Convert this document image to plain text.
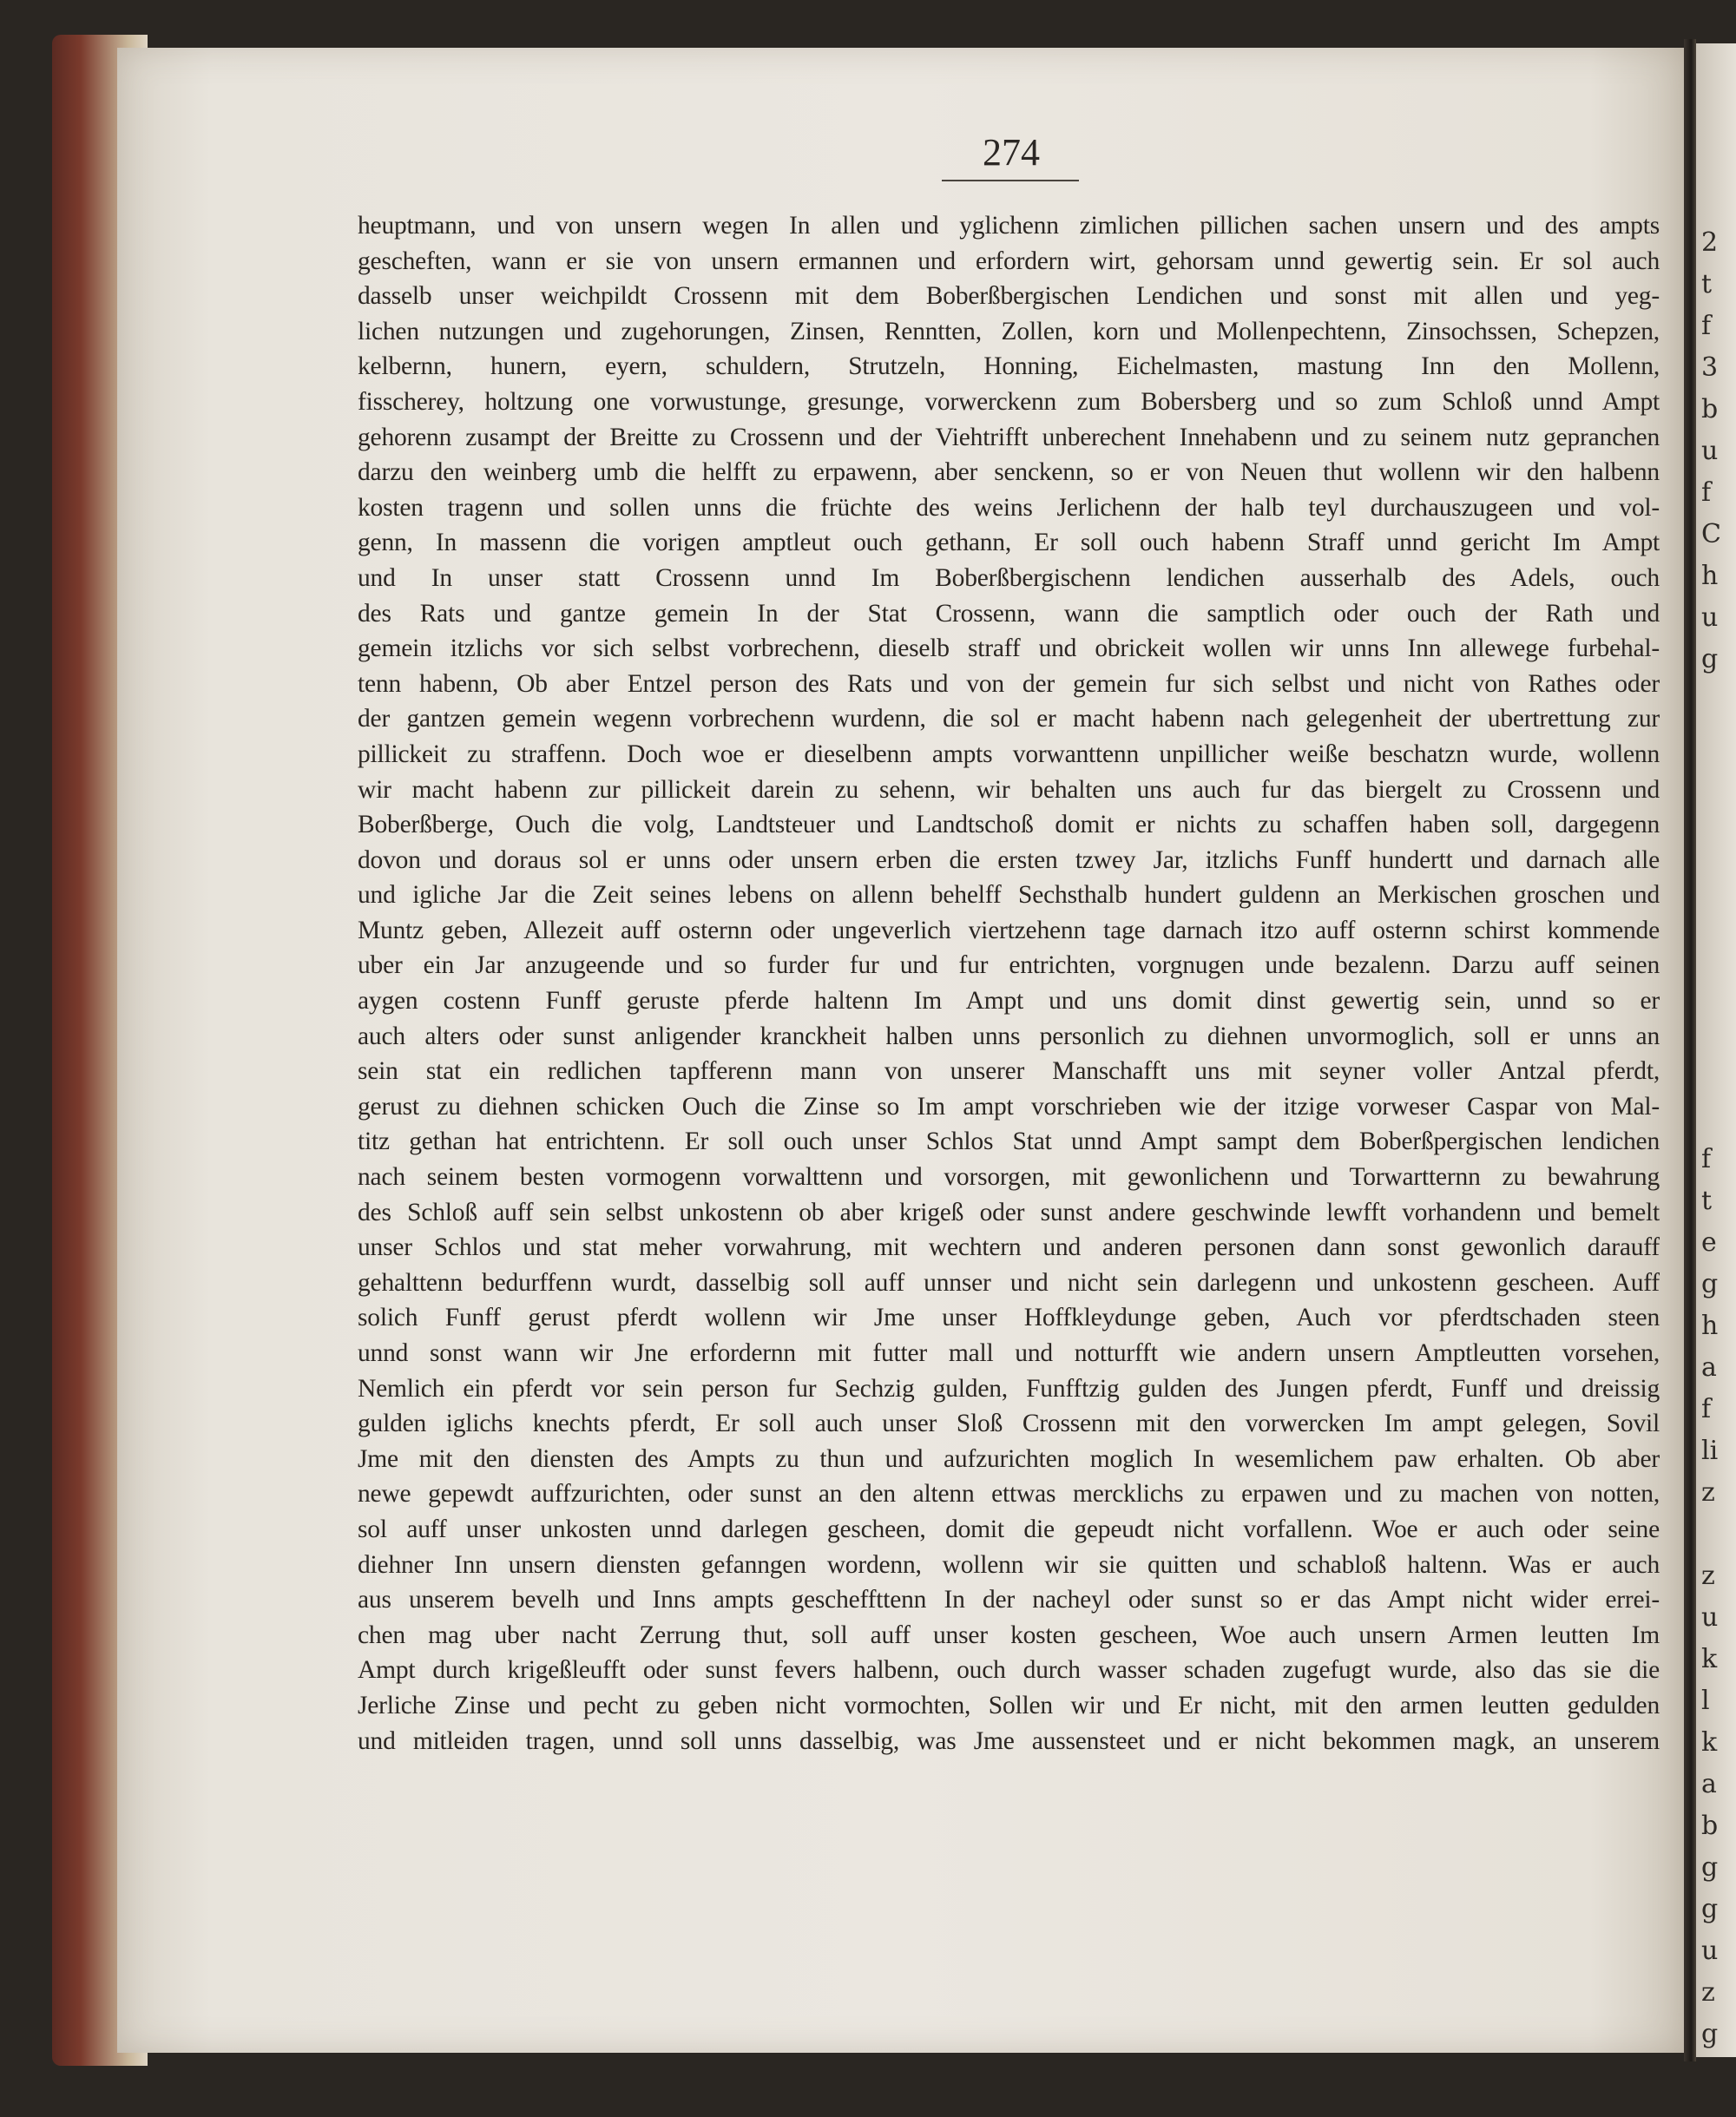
2
t
f
3
b
u
f
C
h
u
g
f
t
e
g
h
a
f
li
z
z
u
k
l
k
a
b
g
g
u
z
g
274
heuptmann, und von unsern wegen In allen und yglichenn zimlichen pillichen sachen unsern und des ampts
gescheften, wann er sie von unsern ermannen und erfordern wirt, gehorsam unnd gewertig sein. Er sol auch
dasselb unser weichpildt Crossenn mit dem Boberßbergischen Lendichen und sonst mit allen und yeg-
lichen nutzungen und zugehorungen, Zinsen, Renntten, Zollen, korn und Mollenpechtenn, Zinsochssen, Schepzen,
kelbernn, hunern, eyern, schuldern, Strutzeln, Honning, Eichelmasten, mastung Inn den Mollenn,
fisscherey, holtzung one vorwustunge, gresunge, vorwerckenn zum Bobersberg und so zum Schloß unnd Ampt
gehorenn zusampt der Breitte zu Crossenn und der Viehtrifft unberechent Innehabenn und zu seinem nutz gepranchen
darzu den weinberg umb die helfft zu erpawenn, aber senckenn, so er von Neuen thut wollenn wir den halbenn
kosten tragenn und sollen unns die früchte des weins Jerlichenn der halb teyl durchauszugeen und vol-
genn, In massenn die vorigen amptleut ouch gethann, Er soll ouch habenn Straff unnd gericht Im Ampt
und In unser statt Crossenn unnd Im Boberßbergischenn lendichen ausserhalb des Adels, ouch
des Rats und gantze gemein In der Stat Crossenn, wann die samptlich oder ouch der Rath und
gemein itzlichs vor sich selbst vorbrechenn, dieselb straff und obrickeit wollen wir unns Inn allewege furbehal-
tenn habenn, Ob aber Entzel person des Rats und von der gemein fur sich selbst und nicht von Rathes oder
der gantzen gemein wegenn vorbrechenn wurdenn, die sol er macht habenn nach gelegenheit der ubertrettung zur
pillickeit zu straffenn. Doch woe er dieselbenn ampts vorwanttenn unpillicher weiße beschatzn wurde, wollenn
wir macht habenn zur pillickeit darein zu sehenn, wir behalten uns auch fur das biergelt zu Crossenn und
Boberßberge, Ouch die volg, Landtsteuer und Landtschoß domit er nichts zu schaffen haben soll, dargegenn
dovon und doraus sol er unns oder unsern erben die ersten tzwey Jar, itzlichs Funff hundertt und darnach alle
und igliche Jar die Zeit seines lebens on allenn behelff Sechsthalb hundert guldenn an Merkischen groschen und
Muntz geben, Allezeit auff osternn oder ungeverlich viertzehenn tage darnach itzo auff osternn schirst kommende
uber ein Jar anzugeende und so furder fur und fur entrichten, vorgnugen unde bezalenn. Darzu auff seinen
aygen costenn Funff geruste pferde haltenn Im Ampt und uns domit dinst gewertig sein, unnd so er
auch alters oder sunst anligender kranckheit halben unns personlich zu diehnen unvormoglich, soll er unns an
sein stat ein redlichen tapfferenn mann von unserer Manschafft uns mit seyner voller Antzal pferdt,
gerust zu diehnen schicken Ouch die Zinse so Im ampt vorschrieben wie der itzige vorweser Caspar von Mal-
titz gethan hat entrichtenn. Er soll ouch unser Schlos Stat unnd Ampt sampt dem Boberßpergischen lendichen
nach seinem besten vormogenn vorwalttenn und vorsorgen, mit gewonlichenn und Torwartternn zu bewahrung
des Schloß auff sein selbst unkostenn ob aber krigeß oder sunst andere geschwinde lewfft vorhandenn und bemelt
unser Schlos und stat meher vorwahrung, mit wechtern und anderen personen dann sonst gewonlich darauff
gehalttenn bedurffenn wurdt, dasselbig soll auff unnser und nicht sein darlegenn und unkostenn gescheen. Auff
solich Funff gerust pferdt wollenn wir Jme unser Hoffkleydunge geben, Auch vor pferdtschaden steen
unnd sonst wann wir Jne erfordernn mit futter mall und notturfft wie andern unsern Amptleutten vorsehen,
Nemlich ein pferdt vor sein person fur Sechzig gulden, Funfftzig gulden des Jungen pferdt, Funff und dreissig
gulden iglichs knechts pferdt, Er soll auch unser Sloß Crossenn mit den vorwercken Im ampt gelegen, Sovil
Jme mit den diensten des Ampts zu thun und aufzurichten moglich In wesemlichem paw erhalten. Ob aber
newe gepewdt auffzurichten, oder sunst an den altenn ettwas mercklichs zu erpawen und zu machen von notten,
sol auff unser unkosten unnd darlegen gescheen, domit die gepeudt nicht vorfallenn. Woe er auch oder seine
diehner Inn unsern diensten gefanngen wordenn, wollenn wir sie quitten und schabloß haltenn. Was er auch
aus unserem bevelh und Inns ampts gescheffttenn In der nacheyl oder sunst so er das Ampt nicht wider errei-
chen mag uber nacht Zerrung thut, soll auff unser kosten gescheen, Woe auch unsern Armen leutten Im
Ampt durch krigeßleufft oder sunst fevers halbenn, ouch durch wasser schaden zugefugt wurde, also das sie die
Jerliche Zinse und pecht zu geben nicht vormochten, Sollen wir und Er nicht, mit den armen leutten gedulden
und mitleiden tragen, unnd soll unns dasselbig, was Jme aussensteet und er nicht bekommen magk, an unserem
